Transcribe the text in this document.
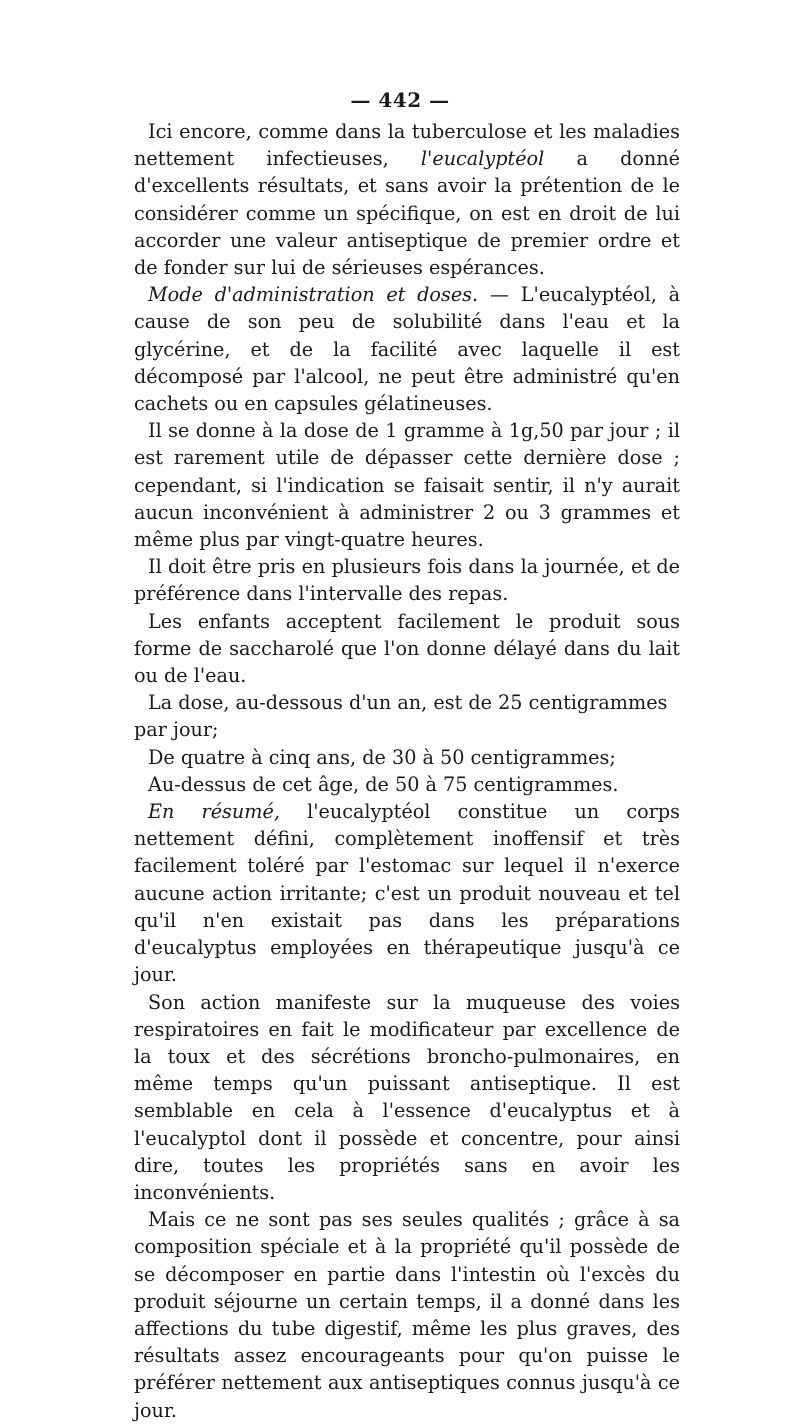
— 442 —

Ici encore, comme dans la tuberculose et les maladies nettement infectieuses, l'eucalyptéol a donné d'excellents résultats, et sans avoir la prétention de le considérer comme un spécifique, on est en droit de lui accorder une valeur antiseptique de premier ordre et de fonder sur lui de sérieuses espérances.

Mode d'administration et doses. — L'eucalyptéol, à cause de son peu de solubilité dans l'eau et la glycérine, et de la facilité avec laquelle il est décomposé par l'alcool, ne peut être administré qu'en cachets ou en capsules gélatineuses.

Il se donne à la dose de 1 gramme à 1g,50 par jour ; il est rarement utile de dépasser cette dernière dose ; cependant, si l'indication se faisait sentir, il n'y aurait aucun inconvénient à administrer 2 ou 3 grammes et même plus par vingt-quatre heures.

Il doit être pris en plusieurs fois dans la journée, et de préférence dans l'intervalle des repas.

Les enfants acceptent facilement le produit sous forme de saccharolé que l'on donne délayé dans du lait ou de l'eau.

La dose, au-dessous d'un an, est de 25 centigrammes par jour;

De quatre à cinq ans, de 30 à 50 centigrammes;

Au-dessus de cet âge, de 50 à 75 centigrammes.

En résumé, l'eucalyptéol constitue un corps nettement défini, complètement inoffensif et très facilement toléré par l'estomac sur lequel il n'exerce aucune action irritante; c'est un produit nouveau et tel qu'il n'en existait pas dans les préparations d'eucalyptus employées en thérapeutique jusqu'à ce jour.

Son action manifeste sur la muqueuse des voies respiratoires en fait le modificateur par excellence de la toux et des sécrétions broncho-pulmonaires, en même temps qu'un puissant antiseptique. Il est semblable en cela à l'essence d'eucalyptus et à l'eucalyptol dont il possède et concentre, pour ainsi dire, toutes les propriétés sans en avoir les inconvénients.

Mais ce ne sont pas ses seules qualités ; grâce à sa composition spéciale et à la propriété qu'il possède de se décomposer en partie dans l'intestin où l'excès du produit séjourne un certain temps, il a donné dans les affections du tube digestif, même les plus graves, des résultats assez encourageants pour qu'on puisse le préférer nettement aux antiseptiques connus jusqu'à ce jour.
